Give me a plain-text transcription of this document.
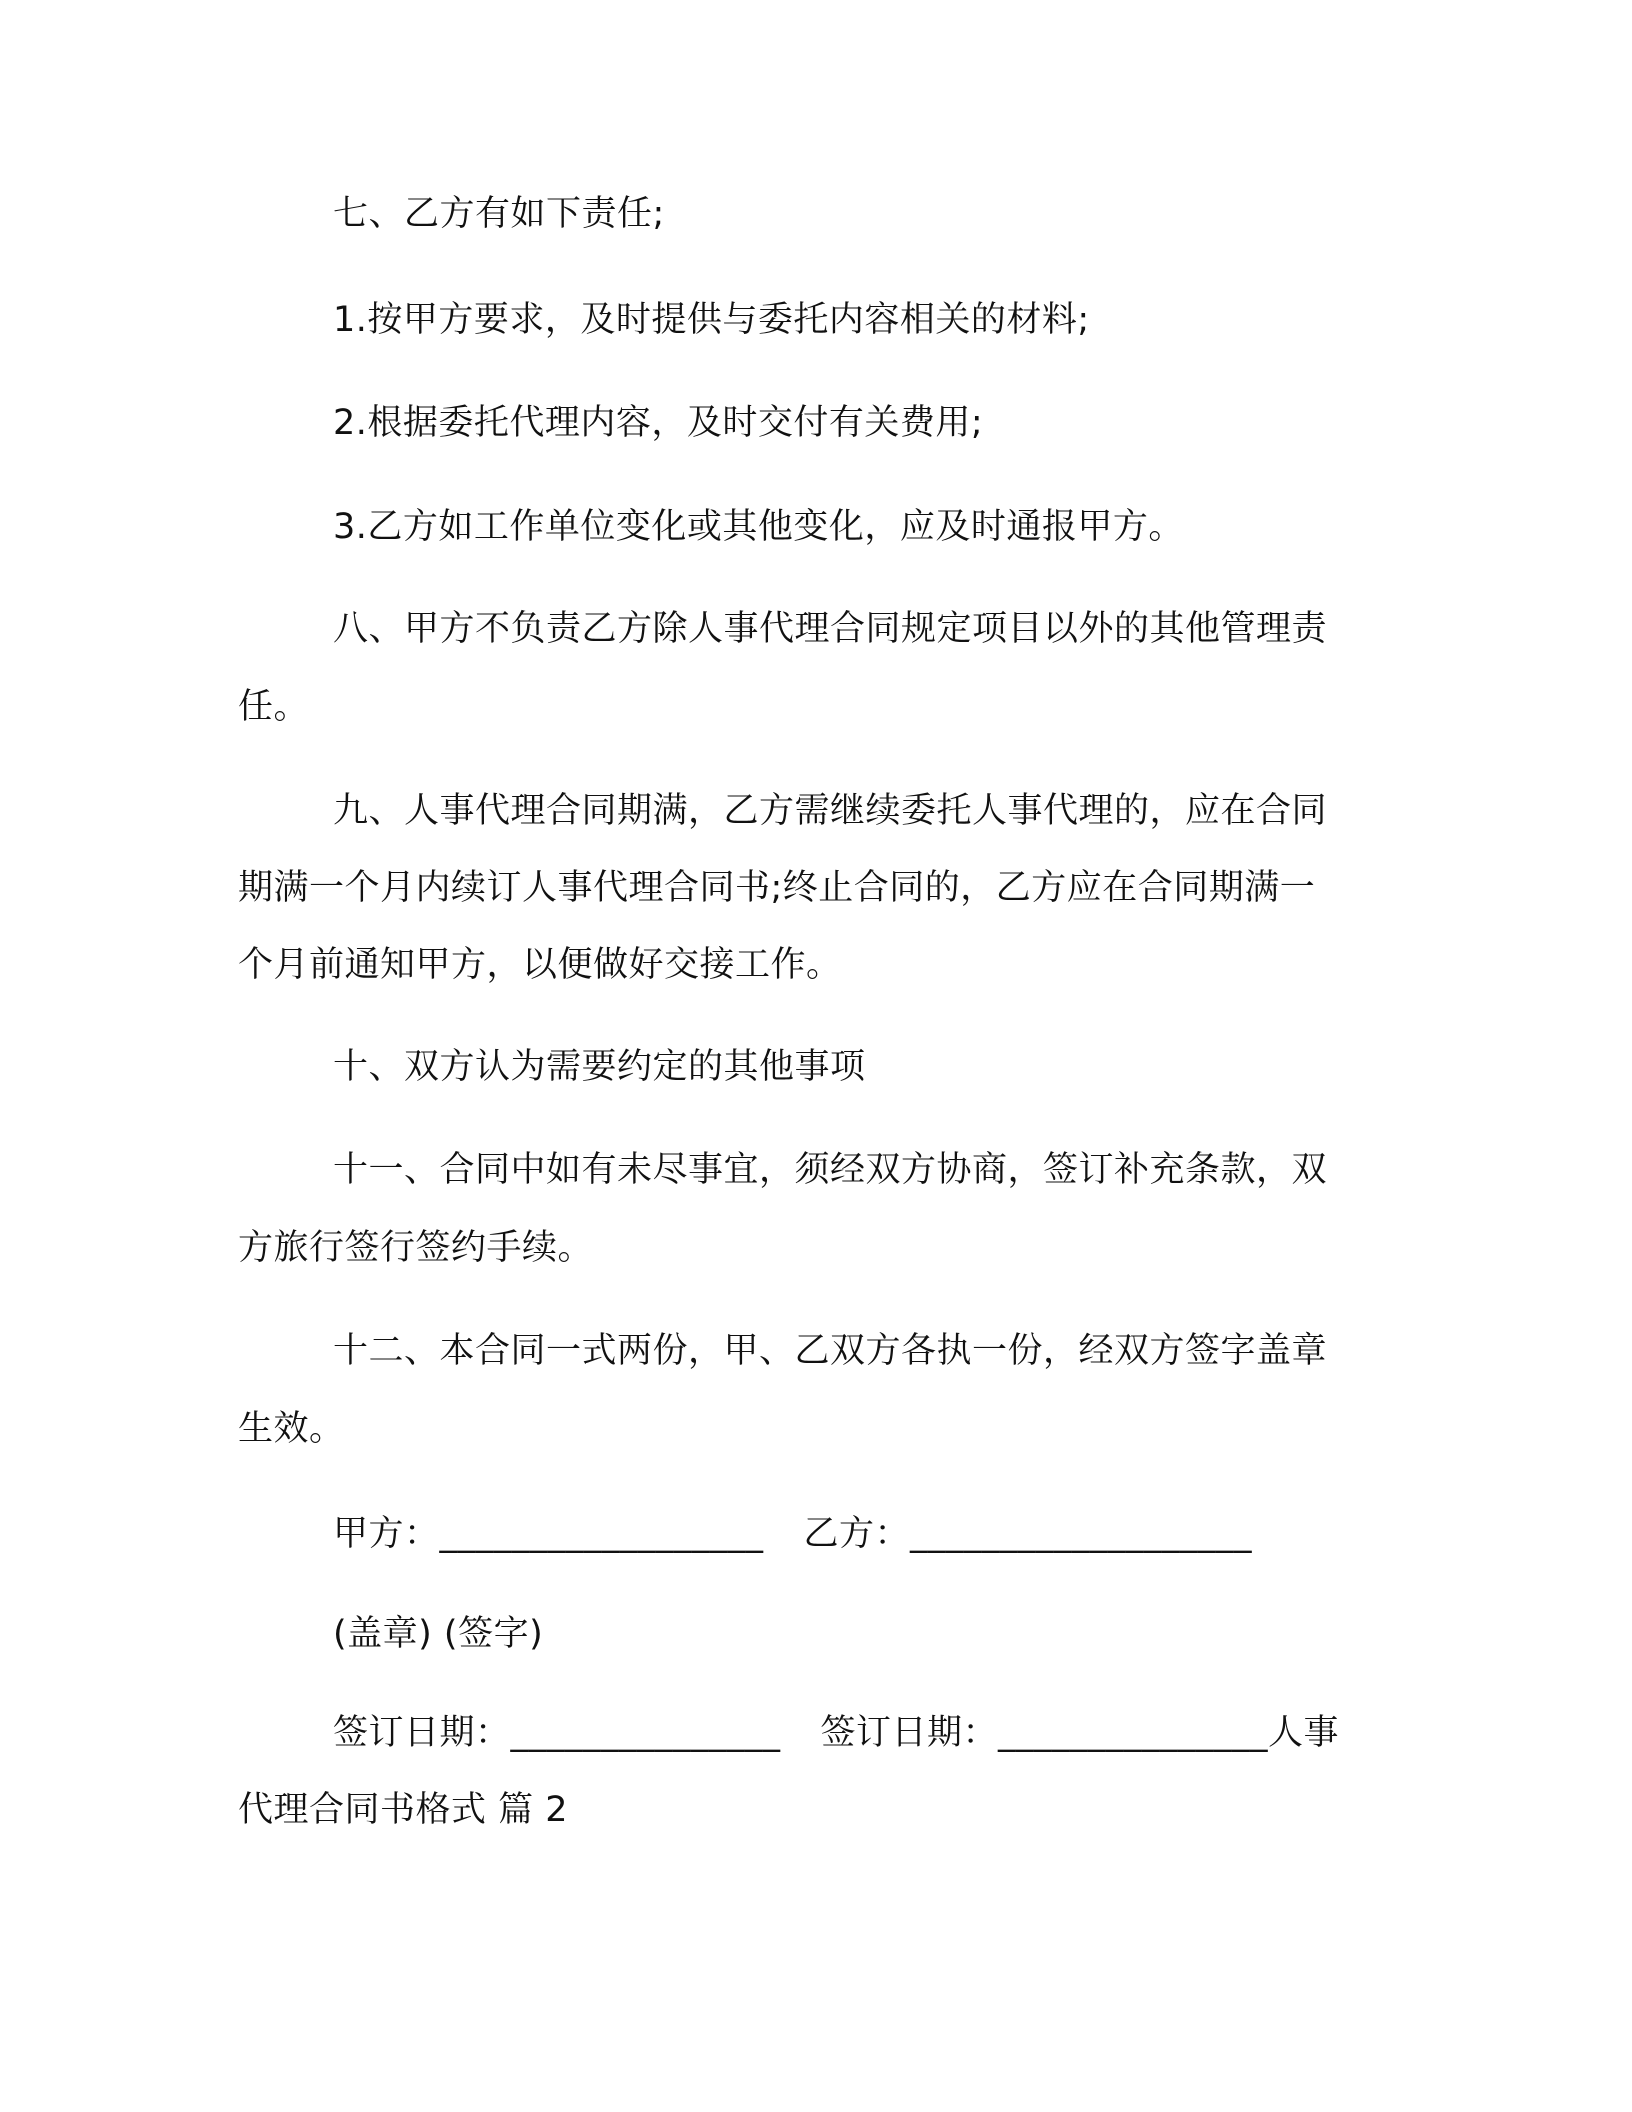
七、乙方有如下责任;
1.按甲方要求，及时提供与委托内容相关的材料;
2.根据委托代理内容，及时交付有关费用;
3.乙方如工作单位变化或其他变化，应及时通报甲方。
八、甲方不负责乙方除人事代理合同规定项目以外的其他管理责
任。
九、人事代理合同期满，乙方需继续委托人事代理的，应在合同
期满一个月内续订人事代理合同书;终止合同的，乙方应在合同期满一
个月前通知甲方，以便做好交接工作。
十、双方认为需要约定的其他事项
十一、合同中如有未尽事宜，须经双方协商，签订补充条款，双
方旅行签行签约手续。
十二、本合同一式两份，甲、乙双方各执一份，经双方签字盖章
生效。
甲方：__________________ 乙方：___________________
(盖章) (签字)
签订日期：_______________ 签订日期：_______________人事
代理合同书格式 篇 2
